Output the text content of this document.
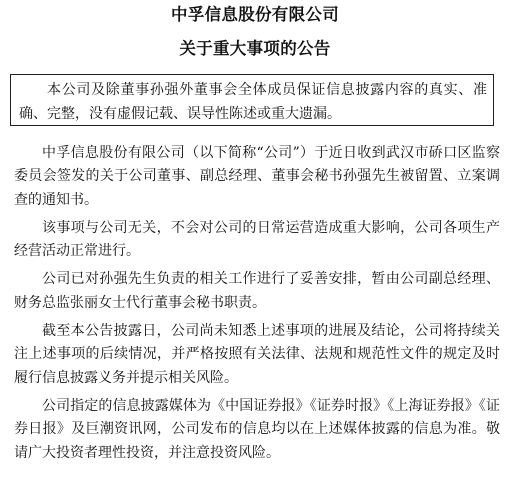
中孚信息股份有限公司
关于重大事项的公告
本公司及除董事孙强外董事会全体成员保证信息披露内容的真实、准确、完整，没有虚假记载、误导性陈述或重大遗漏。

中孚信息股份有限公司（以下简称“公司”）于近日收到武汉市硚口区监察委员会签发的关于公司董事、副总经理、董事会秘书孙强先生被留置、立案调查的通知书。

该事项与公司无关，不会对公司的日常运营造成重大影响，公司各项生产经营活动正常进行。

公司已对孙强先生负责的相关工作进行了妥善安排，暂由公司副总经理、财务总监张丽女士代行董事会秘书职责。

截至本公告披露日，公司尚未知悉上述事项的进展及结论，公司将持续关注上述事项的后续情况，并严格按照有关法律、法规和规范性文件的规定及时履行信息披露义务并提示相关风险。

公司指定的信息披露媒体为《中国证券报》《证券时报》《上海证券报》《证券日报》及巨潮资讯网，公司发布的信息均以在上述媒体披露的信息为准。敬请广大投资者理性投资，并注意投资风险。
